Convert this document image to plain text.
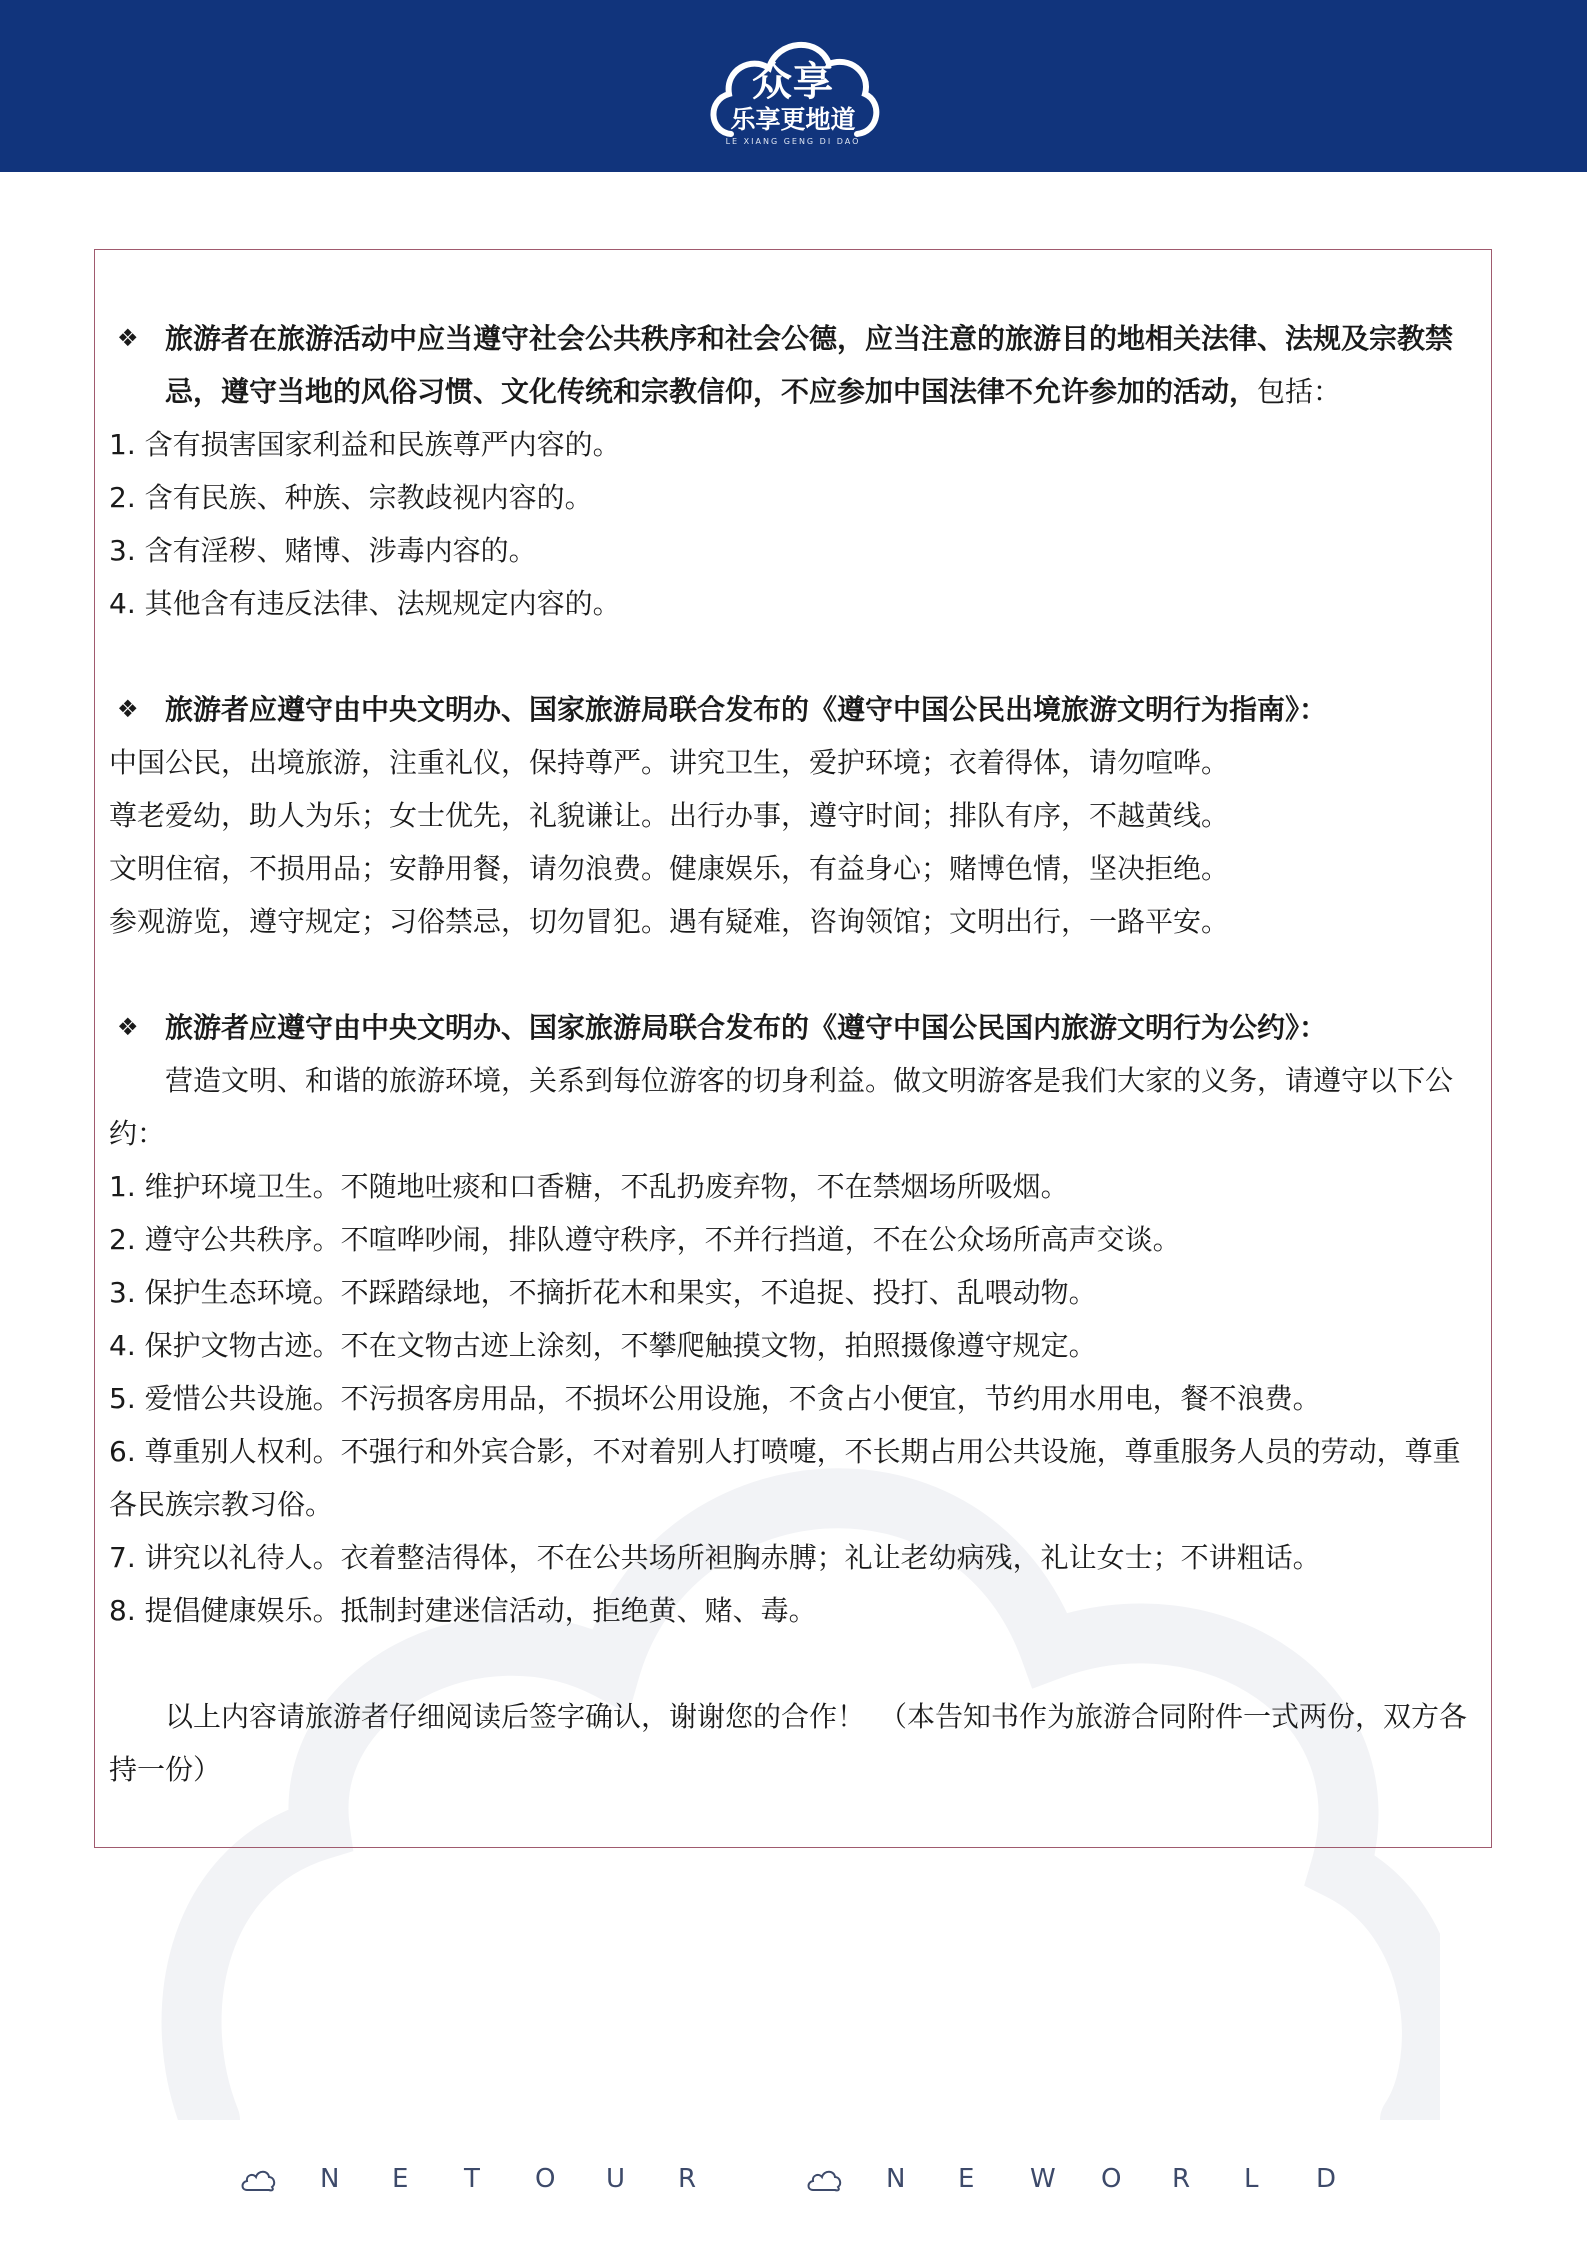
众享
乐享更地道
LE XIANG GENG DI DAO

❖ 旅游者在旅游活动中应当遵守社会公共秩序和社会公德，应当注意的旅游目的地相关法律、法规及宗教禁忌，遵守当地的风俗习惯、文化传统和宗教信仰，不应参加中国法律不允许参加的活动，包括：

1. 含有损害国家利益和民族尊严内容的。

2. 含有民族、种族、宗教歧视内容的。

3. 含有淫秽、赌博、涉毒内容的。

4. 其他含有违反法律、法规规定内容的。

❖ 旅游者应遵守由中央文明办、国家旅游局联合发布的《遵守中国公民出境旅游文明行为指南》：

中国公民，出境旅游，注重礼仪，保持尊严。讲究卫生，爱护环境；衣着得体，请勿喧哗。

尊老爱幼，助人为乐；女士优先，礼貌谦让。出行办事，遵守时间；排队有序，不越黄线。

文明住宿，不损用品；安静用餐，请勿浪费。健康娱乐，有益身心；赌博色情，坚决拒绝。

参观游览，遵守规定；习俗禁忌，切勿冒犯。遇有疑难，咨询领馆；文明出行，一路平安。

❖ 旅游者应遵守由中央文明办、国家旅游局联合发布的《遵守中国公民国内旅游文明行为公约》：

营造文明、和谐的旅游环境，关系到每位游客的切身利益。做文明游客是我们大家的义务，请遵守以下公约：

1. 维护环境卫生。不随地吐痰和口香糖，不乱扔废弃物，不在禁烟场所吸烟。

2. 遵守公共秩序。不喧哗吵闹，排队遵守秩序，不并行挡道，不在公众场所高声交谈。

3. 保护生态环境。不踩踏绿地，不摘折花木和果实，不追捉、投打、乱喂动物。

4. 保护文物古迹。不在文物古迹上涂刻，不攀爬触摸文物，拍照摄像遵守规定。

5. 爱惜公共设施。不污损客房用品，不损坏公用设施，不贪占小便宜，节约用水用电，餐不浪费。

6. 尊重别人权利。不强行和外宾合影，不对着别人打喷嚏，不长期占用公共设施，尊重服务人员的劳动，尊重各民族宗教习俗。

7. 讲究以礼待人。衣着整洁得体，不在公共场所袒胸赤膊；礼让老幼病残，礼让女士；不讲粗话。

8. 提倡健康娱乐。抵制封建迷信活动，拒绝黄、赌、毒。

以上内容请旅游者仔细阅读后签字确认，谢谢您的合作！　（本告知书作为旅游合同附件一式两份，双方各持一份）

N E T O U R	N E W O R L D
